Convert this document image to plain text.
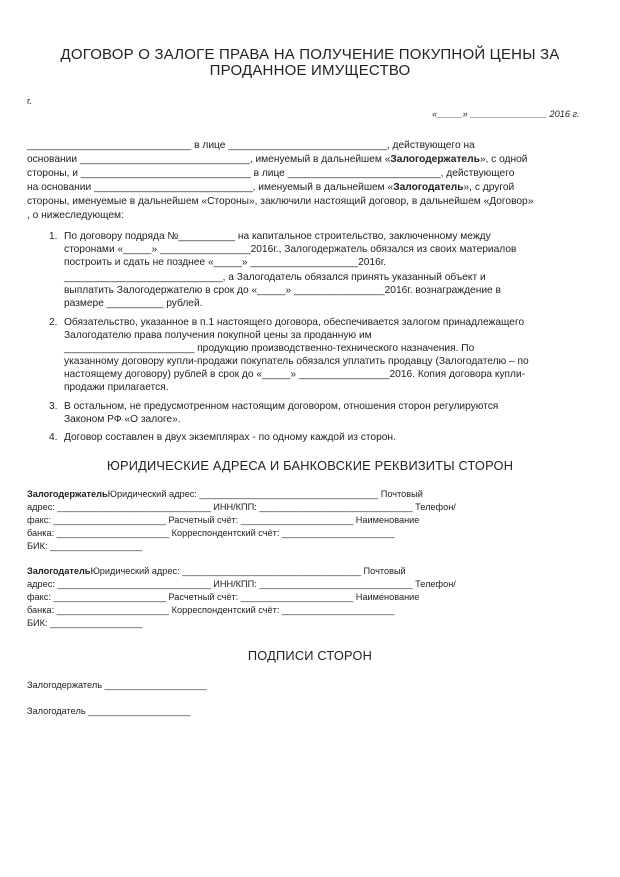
ДОГОВОР О ЗАЛОГЕ ПРАВА НА ПОЛУЧЕНИЕ ПОКУПНОЙ ЦЕНЫ ЗА
ПРОДАННОЕ ИМУЩЕСТВО
г.
«_____» _______________ 2016 г.
_____________________________ в лице ____________________________, действующего на
основании ______________________________, именуемый в дальнейшем «Залогодержатель», с одной
стороны, и ______________________________ в лице ___________________________, действующего
на основании ____________________________, именуемый в дальнейшем «Залогодатель», с другой
стороны, именуемые в дальнейшем «Стороны», заключили настоящий договор, в дальнейшем «Договор»
, о нижеследующем:
1. По договору подряда №__________ на капитальное строительство, заключенному между
сторонами «_____» ________________2016г., Залогодержатель обязался из своих материалов
построить и сдать не позднее «_____» ___________________2016г.
____________________________, а Залогодатель обязался принять указанный объект и
выплатить Залогодержателю в срок до «_____» ________________2016г. вознаграждение в
размере __________ рублей.
2. Обязательство, указанное в п.1 настоящего договора, обеспечивается залогом принадлежащего
Залогодателю права получения покупной цены за проданную им
_______________________ продукцию производственно-технического назначения. По
указанному договору купли-продажи покупатель обязался уплатить продавцу (Залогодателю – по
настоящему договору) рублей в срок до «_____» ________________2016. Копия договора купли-
продажи прилагается.
3. В остальном, не предусмотренном настоящим договором, отношения сторон регулируются
Законом РФ «О залоге».
4. Договор составлен в двух экземплярах - по одному каждой из сторон.
ЮРИДИЧЕСКИЕ АДРЕСА И БАНКОВСКИЕ РЕКВИЗИТЫ СТОРОН
ЗалогодержательЮридический адрес: ___________________________________ Почтовый
адрес: ______________________________ ИНН/КПП: ______________________________ Телефон/
факс: ______________________ Расчетный счёт: ______________________ Наименование
банка: ______________________ Корреспондентский счёт: ______________________
БИК: __________________
ЗалогодательЮридический адрес: ___________________________________ Почтовый
адрес: ______________________________ ИНН/КПП: ______________________________ Телефон/
факс: ______________________ Расчетный счёт: ______________________ Наименование
банка: ______________________ Корреспондентский счёт: ______________________
БИК: __________________
ПОДПИСИ СТОРОН
Залогодержатель ____________________
Залогодатель ____________________
